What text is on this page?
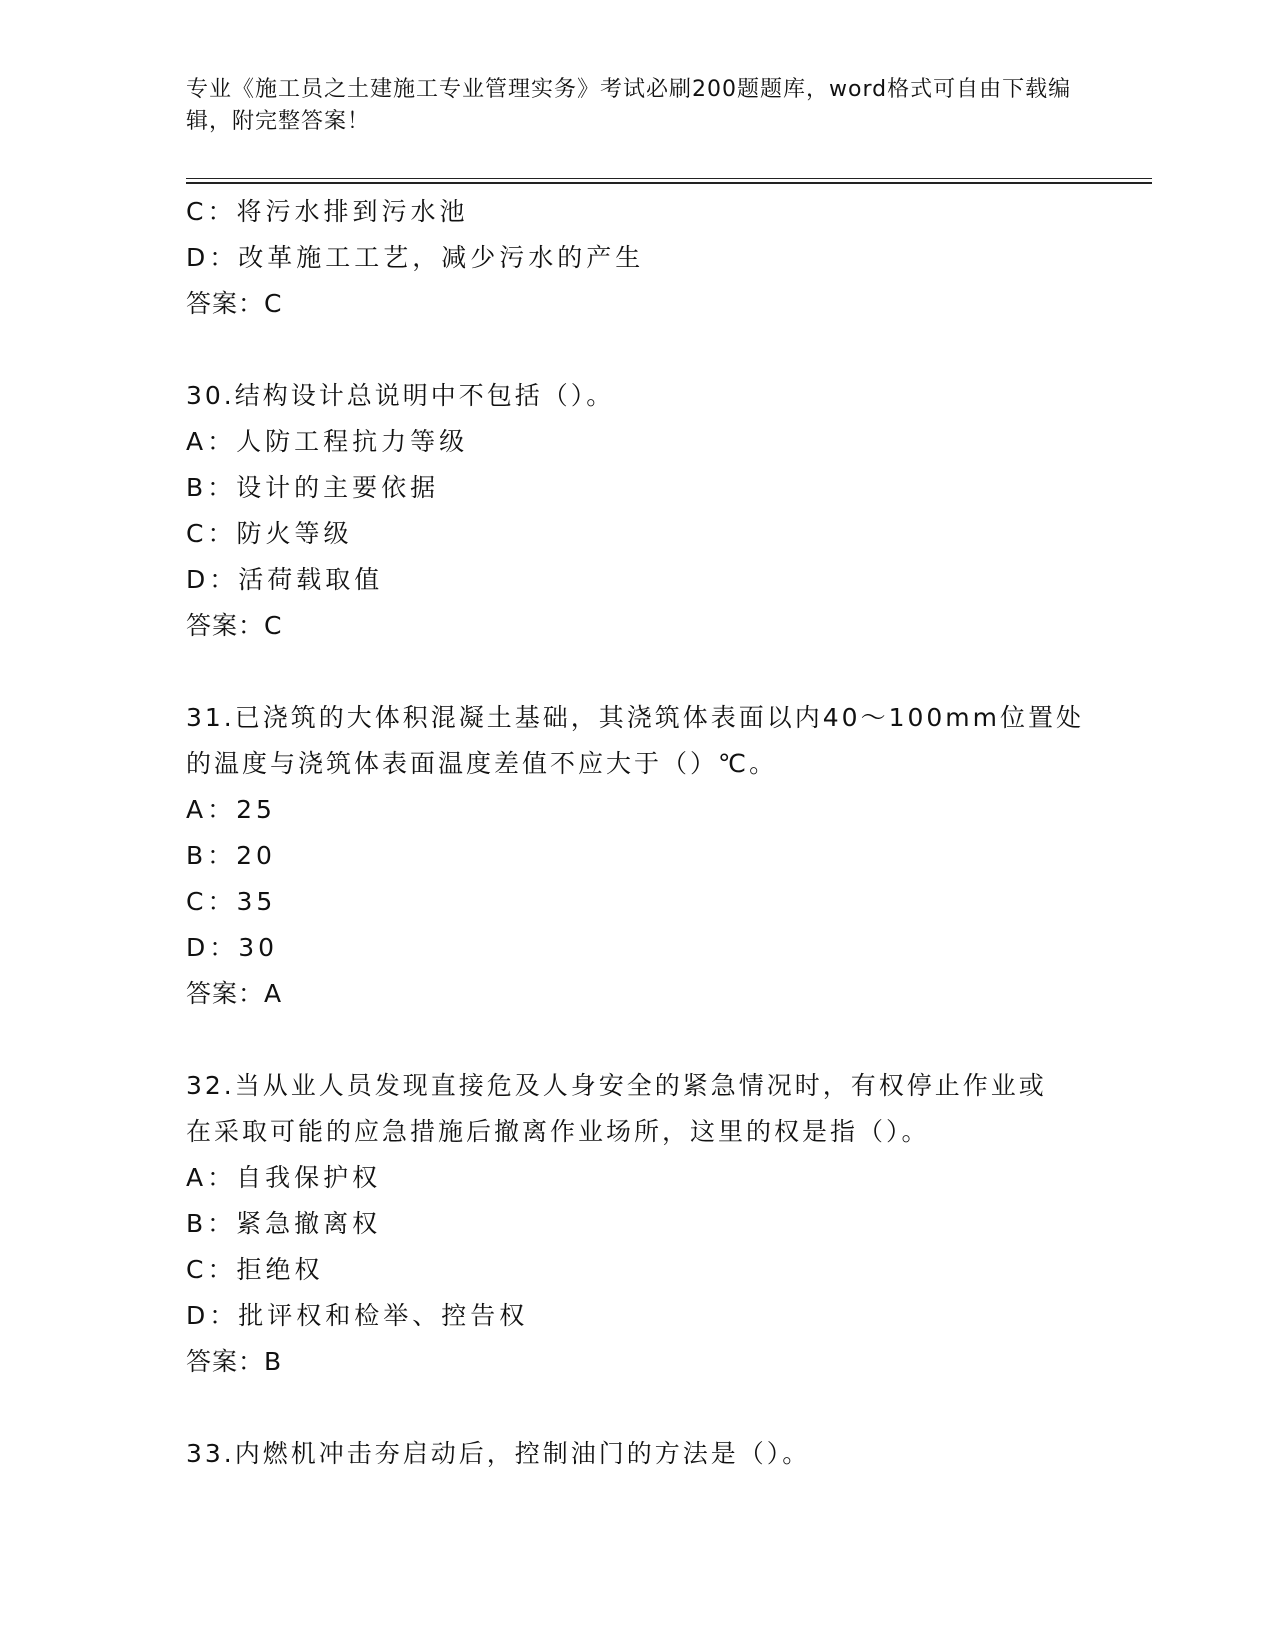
专业《施工员之土建施工专业管理实务》考试必刷200题题库，word格式可自由下载编辑，附完整答案！
C：将污水排到污水池
D：改革施工工艺，减少污水的产生
答案：C
30.结构设计总说明中不包括（）。
A：人防工程抗力等级
B：设计的主要依据
C：防火等级
D：活荷载取值
答案：C
31.已浇筑的大体积混凝土基础，其浇筑体表面以内40～100mm位置处
的温度与浇筑体表面温度差值不应大于（）℃。
A：25
B：20
C：35
D：30
答案：A
32.当从业人员发现直接危及人身安全的紧急情况时，有权停止作业或
在采取可能的应急措施后撤离作业场所，这里的权是指（）。
A：自我保护权
B：紧急撤离权
C：拒绝权
D：批评权和检举、控告权
答案：B
33.内燃机冲击夯启动后，控制油门的方法是（）。
